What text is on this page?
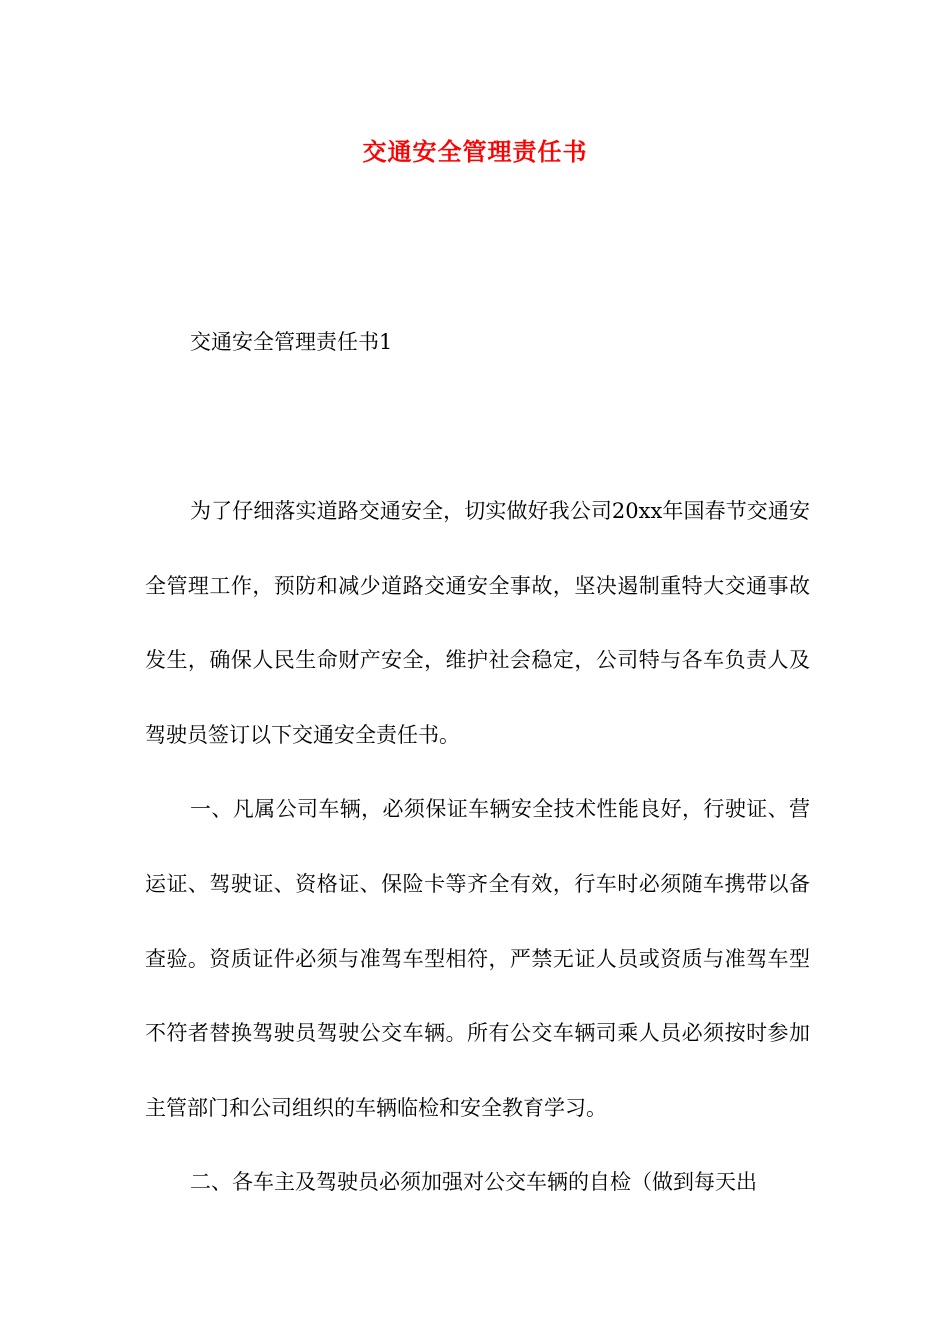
交通安全管理责任书
交通安全管理责任书1

为了仔细落实道路交通安全，切实做好我公司20xx年国春节交通安全管理工作，预防和减少道路交通安全事故，坚决遏制重特大交通事故发生，确保人民生命财产安全，维护社会稳定，公司特与各车负责人及驾驶员签订以下交通安全责任书。

一、凡属公司车辆，必须保证车辆安全技术性能良好，行驶证、营运证、驾驶证、资格证、保险卡等齐全有效，行车时必须随车携带以备查验。资质证件必须与准驾车型相符，严禁无证人员或资质与准驾车型不符者替换驾驶员驾驶公交车辆。所有公交车辆司乘人员必须按时参加主管部门和公司组织的车辆临检和安全教育学习。

二、各车主及驾驶员必须加强对公交车辆的自检（做到每天出
